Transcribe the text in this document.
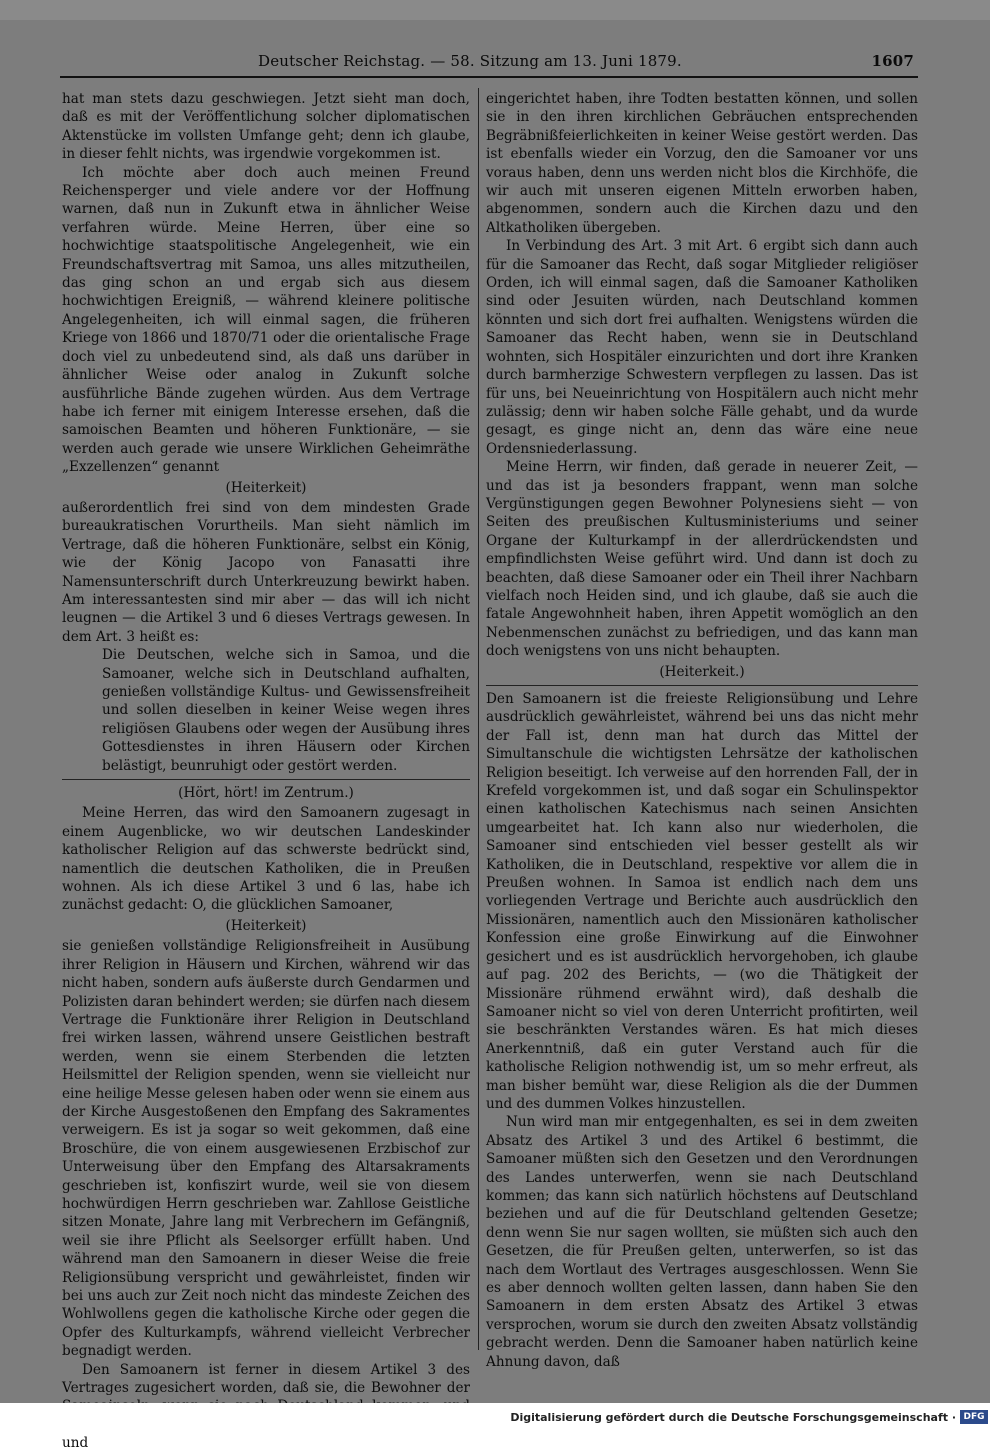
Deutscher Reichstag. — 58. Sitzung am 13. Juni 1879.	1607

hat man stets dazu geschwiegen. Jetzt sieht man doch, daß es mit der Veröffentlichung solcher diplomatischen Aktenstücke im vollsten Umfange geht; denn ich glaube, in dieser fehlt nichts, was irgendwie vorgekommen ist.

Ich möchte aber doch auch meinen Freund Reichensperger und viele andere vor der Hoffnung warnen, daß nun in Zukunft etwa in ähnlicher Weise verfahren würde. Meine Herren, über eine so hochwichtige staatspolitische Angelegenheit, wie ein Freundschaftsvertrag mit Samoa, uns alles mitzutheilen, das ging schon an und ergab sich aus diesem hochwichtigen Ereigniß, — während kleinere politische Angelegenheiten, ich will einmal sagen, die früheren Kriege von 1866 und 1870/71 oder die orientalische Frage doch viel zu unbedeutend sind, als daß uns darüber in ähnlicher Weise oder analog in Zukunft solche ausführliche Bände zugehen würden. Aus dem Vertrage habe ich ferner mit einigem Interesse ersehen, daß die samoischen Beamten und höheren Funktionäre, — sie werden auch gerade wie unsere Wirklichen Geheimräthe „Exzellenzen“ genannt

(Heiterkeit)

außerordentlich frei sind von dem mindesten Grade bureaukratischen Vorurtheils. Man sieht nämlich im Vertrage, daß die höheren Funktionäre, selbst ein König, wie der König Jacopo von Fanasatti ihre Namensunterschrift durch Unterkreuzung bewirkt haben. Am interessantesten sind mir aber — das will ich nicht leugnen — die Artikel 3 und 6 dieses Vertrags gewesen. In dem Art. 3 heißt es:

Die Deutschen, welche sich in Samoa, und die Samoaner, welche sich in Deutschland aufhalten, genießen vollständige Kultus- und Gewissensfreiheit und sollen dieselben in keiner Weise wegen ihres religiösen Glaubens oder wegen der Ausübung ihres Gottesdienstes in ihren Häusern oder Kirchen belästigt, beunruhigt oder gestört werden.

(Hört, hört! im Zentrum.)

Meine Herren, das wird den Samoanern zugesagt in einem Augenblicke, wo wir deutschen Landeskinder katholischer Religion auf das schwerste bedrückt sind, namentlich die deutschen Katholiken, die in Preußen wohnen. Als ich diese Artikel 3 und 6 las, habe ich zunächst gedacht: O, die glücklichen Samoaner,

(Heiterkeit)

sie genießen vollständige Religionsfreiheit in Ausübung ihrer Religion in Häusern und Kirchen, während wir das nicht haben, sondern aufs äußerste durch Gendarmen und Polizisten daran behindert werden; sie dürfen nach diesem Vertrage die Funktionäre ihrer Religion in Deutschland frei wirken lassen, während unsere Geistlichen bestraft werden, wenn sie einem Sterbenden die letzten Heilsmittel der Religion spenden, wenn sie vielleicht nur eine heilige Messe gelesen haben oder wenn sie einem aus der Kirche Ausgestoßenen den Empfang des Sakramentes verweigern. Es ist ja sogar so weit gekommen, daß eine Broschüre, die von einem ausgewiesenen Erzbischof zur Unterweisung über den Empfang des Altarsakraments geschrieben ist, konfiszirt wurde, weil sie von diesem hochwürdigen Herrn geschrieben war. Zahllose Geistliche sitzen Monate, Jahre lang mit Verbrechern im Gefängniß, weil sie ihre Pflicht als Seelsorger erfüllt haben. Und während man den Samoanern in dieser Weise die freie Religionsübung verspricht und gewährleistet, finden wir bei uns auch zur Zeit noch nicht das mindeste Zeichen des Wohlwollens gegen die katholische Kirche oder gegen die Opfer des Kulturkampfs, während vielleicht Verbrecher begnadigt werden.

Den Samoanern ist ferner in diesem Artikel 3 des Vertrages zugesichert worden, daß sie, die Bewohner der und

eingerichtet haben, ihre Todten bestatten können, und sollen sie in den ihren kirchlichen Gebräuchen entsprechenden Begräbnißfeierlichkeiten in keiner Weise gestört werden. Das ist ebenfalls wieder ein Vorzug, den die Samoaner vor uns voraus haben, denn uns werden nicht blos die Kirchhöfe, die wir auch mit unseren eigenen Mitteln erworben haben, abgenommen, sondern auch die Kirchen dazu und den Altkatholiken übergeben.

In Verbindung des Art. 3 mit Art. 6 ergibt sich dann auch für die Samoaner das Recht, daß sogar Mitglieder religiöser Orden, ich will einmal sagen, daß die Samoaner Katholiken sind oder Jesuiten würden, nach Deutschland kommen könnten und sich dort frei aufhalten. Wenigstens würden die Samoaner das Recht haben, wenn sie in Deutschland wohnten, sich Hospitäler einzurichten und dort ihre Kranken durch barmherzige Schwestern verpflegen zu lassen. Das ist für uns, bei Neueinrichtung von Hospitälern auch nicht mehr zulässig; denn wir haben solche Fälle gehabt, und da wurde gesagt, es ginge nicht an, denn das wäre eine neue Ordensniederlassung.

Meine Herrn, wir finden, daß gerade in neuerer Zeit, — und das ist ja besonders frappant, wenn man solche Vergünstigungen gegen Bewohner Polynesiens sieht — von Seiten des preußischen Kultusministeriums und seiner Organe der Kulturkampf in der allerdrückendsten und empfindlichsten Weise geführt wird. Und dann ist doch zu beachten, daß diese Samoaner oder ein Theil ihrer Nachbarn vielfach noch Heiden sind, und ich glaube, daß sie auch die fatale Angewohnheit haben, ihren Appetit womöglich an den Nebenmenschen zunächst zu befriedigen, und das kann man doch wenigstens von uns nicht behaupten.

(Heiterkeit.)

Den Samoanern ist die freieste Religionsübung und Lehre ausdrücklich gewährleistet, während bei uns das nicht mehr der Fall ist, denn man hat durch das Mittel der Simultanschule die wichtigsten Lehrsätze der katholischen Religion beseitigt. Ich verweise auf den horrenden Fall, der in Krefeld vorgekommen ist, und daß sogar ein Schulinspektor einen katholischen Katechismus nach seinen Ansichten umgearbeitet hat. Ich kann also nur wiederholen, die Samoaner sind entschieden viel besser gestellt als wir Katholiken, die in Deutschland, respektive vor allem die in Preußen wohnen. In Samoa ist endlich nach dem uns vorliegenden Vertrage und Berichte auch ausdrücklich den Missionären, namentlich auch den Missionären katholischer Konfession eine große Einwirkung auf die Einwohner gesichert und es ist ausdrücklich hervorgehoben, ich glaube auf pag. 202 des Berichts, — (wo die Thätigkeit der Missionäre rühmend erwähnt wird), daß deshalb die Samoaner nicht so viel von deren Unterricht profitirten, weil sie beschränkten Verstandes wären. Es hat mich dieses Anerkenntniß, daß ein guter Verstand auch für die katholische Religion nothwendig ist, um so mehr erfreut, als man bisher bemüht war, diese Religion als die der Dummen und des dummen Volkes hinzustellen.

Nun wird man mir entgegenhalten, es sei in dem zweiten Absatz des Artikel 3 und des Artikel 6 bestimmt, die Samoaner müßten sich den Gesetzen und den Verordnungen des Landes unterwerfen, wenn sie nach Deutschland kommen; das kann sich natürlich höchstens auf Deutschland beziehen und auf die für Deutschland geltenden Gesetze; denn wenn Sie nur sagen wollten, sie müßten sich auch den Gesetzen, die für Preußen gelten, unterwerfen, so ist das nach dem Wortlaut des Vertrages ausgeschlossen. Wenn Sie es aber dennoch wollten gelten lassen, dann haben Sie den Samoanern in dem ersten Absatz des Artikel 3 etwas versprochen, worum sie durch den zweiten Absatz vollständig gebracht werden. Denn die Samoaner haben natürlich keine Ahnung davon, daß

Digitalisierung gefördert durch die Deutsche Forschungsgemeinschaft · DFG
